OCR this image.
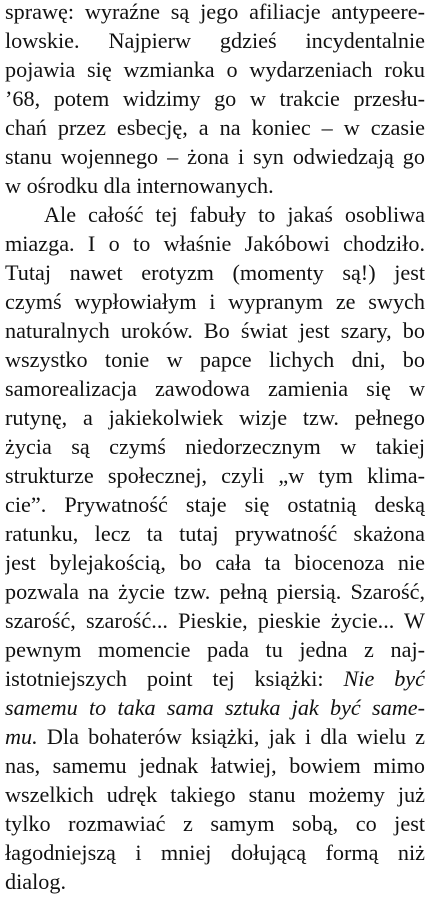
sprawę: wyraźne są jego afiliacje antypeere-
lowskie. Najpierw gdzieś incydentalnie
pojawia się wzmianka o wydarzeniach roku
’68, potem widzimy go w trakcie przesłu-
chań przez esbecję, a na koniec – w czasie
stanu wojennego – żona i syn odwiedzają go
w ośrodku dla internowanych.
Ale całość tej fabuły to jakaś osobliwa
miazga. I o to właśnie Jakóbowi chodziło.
Tutaj nawet erotyzm (momenty są!) jest
czymś wypłowiałym i wypranym ze swych
naturalnych uroków. Bo świat jest szary, bo
wszystko tonie w papce lichych dni, bo
samorealizacja zawodowa zamienia się w
rutynę, a jakiekolwiek wizje tzw. pełnego
życia są czymś niedorzecznym w takiej
strukturze społecznej, czyli „w tym klima-
cie”. Prywatność staje się ostatnią deską
ratunku, lecz ta tutaj prywatność skażona
jest bylejakością, bo cała ta biocenoza nie
pozwala na życie tzw. pełną piersią. Szarość,
szarość, szarość... Pieskie, pieskie życie... W
pewnym momencie pada tu jedna z naj-
istotniejszych point tej książki: Nie być
samemu to taka sama sztuka jak być same-
mu. Dla bohaterów książki, jak i dla wielu z
nas, samemu jednak łatwiej, bowiem mimo
wszelkich udręk takiego stanu możemy już
tylko rozmawiać z samym sobą, co jest
łagodniejszą i mniej dołującą formą niż
dialog.
